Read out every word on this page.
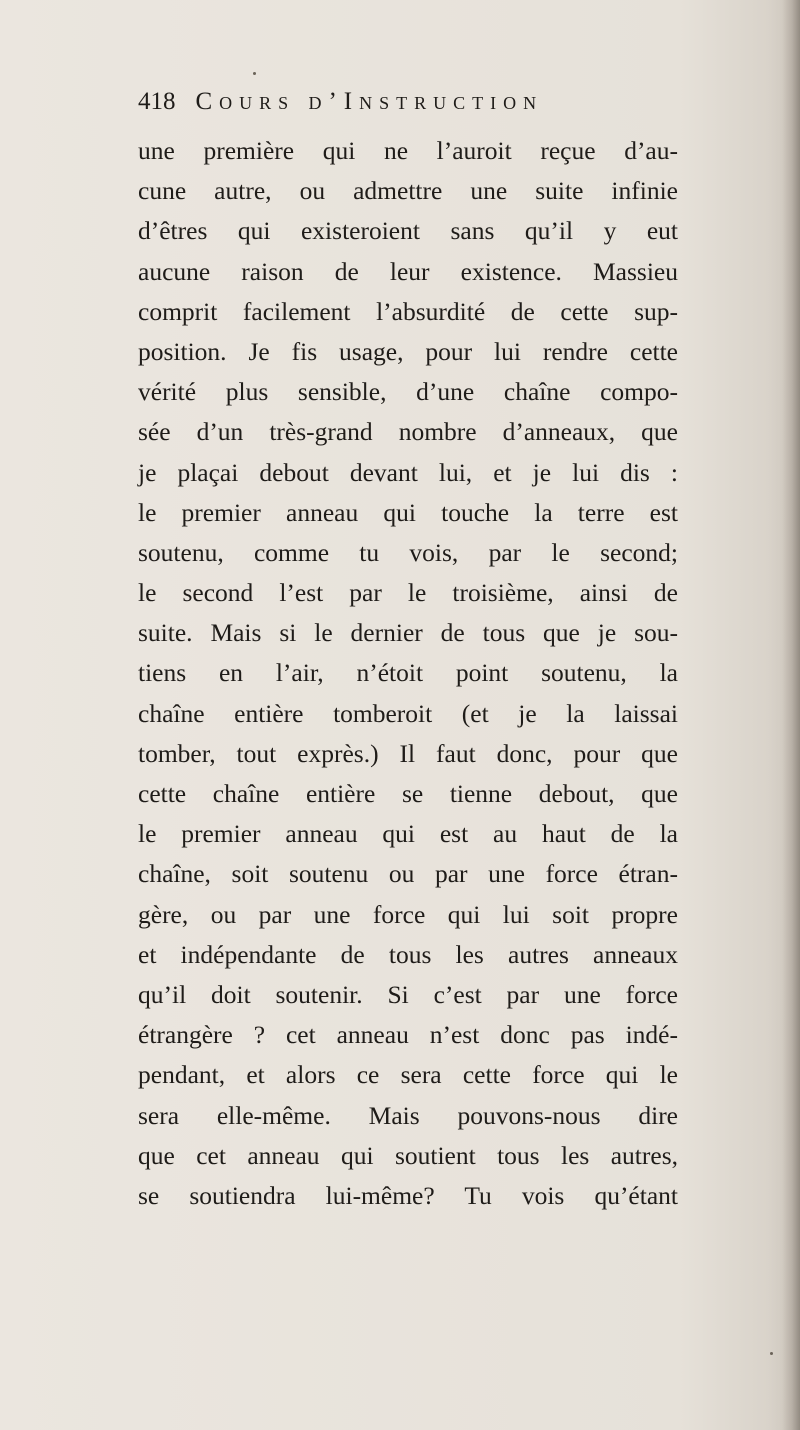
418 Cours d’Instruction
une première qui ne l’auroit reçue d’au-
cune autre, ou admettre une suite infinie
d’êtres qui existeroient sans qu’il y eut
aucune raison de leur existence. Massieu
comprit facilement l’absurdité de cette sup-
position. Je fis usage, pour lui rendre cette
vérité plus sensible, d’une chaîne compo-
sée d’un très-grand nombre d’anneaux, que
je plaçai debout devant lui, et je lui dis :
le premier anneau qui touche la terre est
soutenu, comme tu vois, par le second;
le second l’est par le troisième, ainsi de
suite. Mais si le dernier de tous que je sou-
tiens en l’air, n’étoit point soutenu, la
chaîne entière tomberoit (et je la laissai
tomber, tout exprès.) Il faut donc, pour que
cette chaîne entière se tienne debout, que
le premier anneau qui est au haut de la
chaîne, soit soutenu ou par une force étran-
gère, ou par une force qui lui soit propre
et indépendante de tous les autres anneaux
qu’il doit soutenir. Si c’est par une force
étrangère ? cet anneau n’est donc pas indé-
pendant, et alors ce sera cette force qui le
sera elle-même. Mais pouvons-nous dire
que cet anneau qui soutient tous les autres,
se soutiendra lui-même? Tu vois qu’étant
